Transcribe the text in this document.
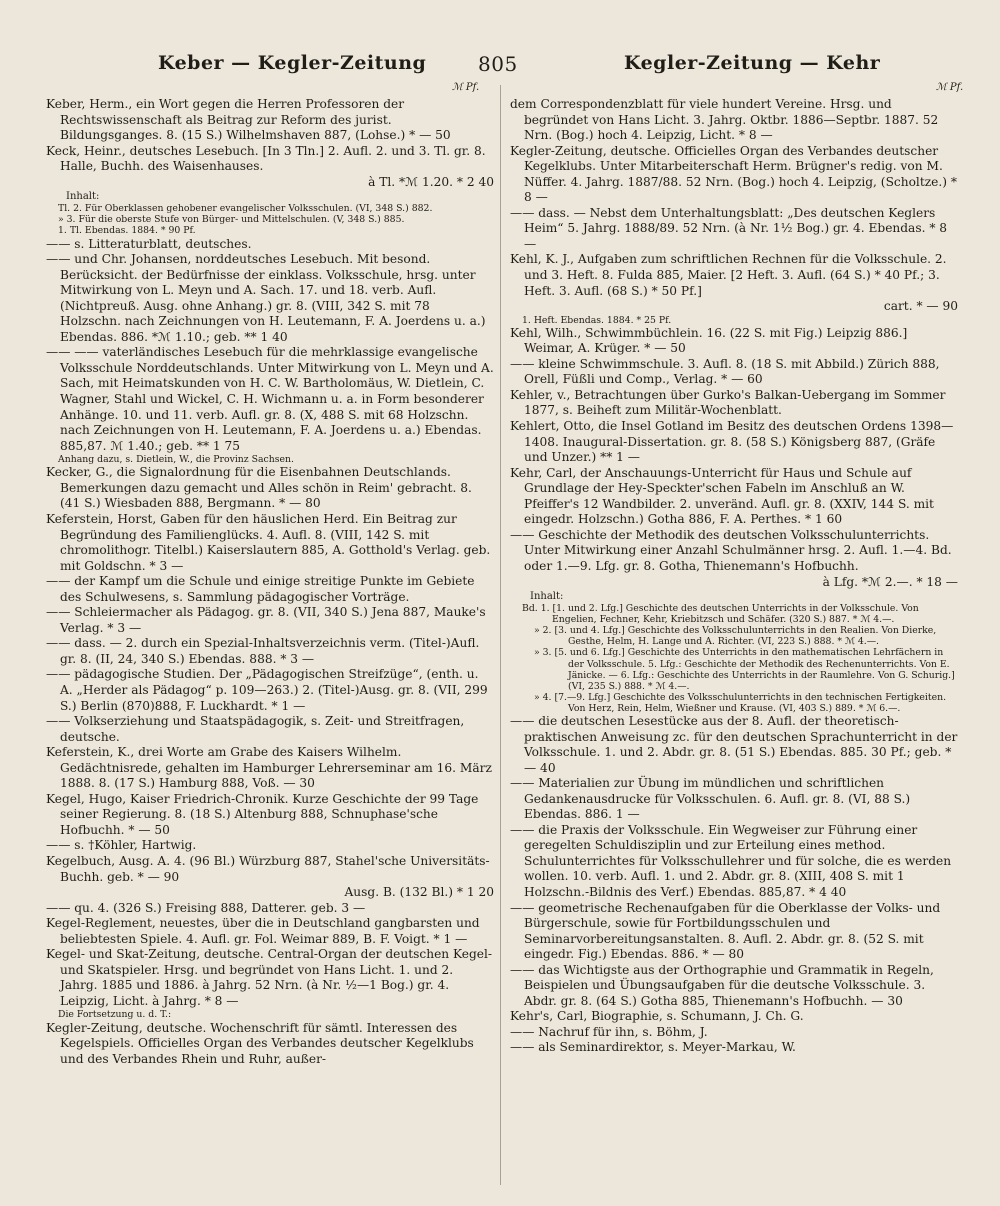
Keber — Kegler-Zeitung	805	Kegler-Zeitung — Kehr
ℳ Pf.	ℳ Pf.

Keber, Herm., ein Wort gegen die Herren Professoren der Rechtswissenschaft als Beitrag zur Reform des jurist. Bildungsganges. 8. (15 S.) Wilhelmshaven 887, (Lohse.) * — 50

Keck, Heinr., deutsches Lesebuch. [In 3 Tln.] 2. Aufl. 2. und 3. Tl. gr. 8. Halle, Buchh. des Waisenhauses.

à Tl. *ℳ 1.20. * 2 40

Inhalt:

Tl. 2. Für Oberklassen gehobener evangelischer Volksschulen. (VI, 348 S.) 882.

» 3. Für die oberste Stufe von Bürger- und Mittelschulen. (V, 348 S.) 885.

1. Tl. Ebendas. 1884. * 90 Pf.

—— s. Litteraturblatt, deutsches.

—— und Chr. Johansen, norddeutsches Lesebuch. Mit besond. Berücksicht. der Bedürfnisse der einklass. Volksschule, hrsg. unter Mitwirkung von L. Meyn und A. Sach. 17. und 18. verb. Aufl. (Nichtpreuß. Ausg. ohne Anhang.) gr. 8. (VIII, 342 S. mit 78 Holzschn. nach Zeichnungen von H. Leutemann, F. A. Joerdens u. a.) Ebendas. 886. *ℳ 1.10.; geb. ** 1 40

—— —— vaterländisches Lesebuch für die mehrklassige evangelische Volksschule Norddeutschlands. Unter Mitwirkung von L. Meyn und A. Sach, mit Heimatskunden von H. C. W. Bartholomäus, W. Dietlein, C. Wagner, Stahl und Wickel, C. H. Wichmann u. a. in Form besonderer Anhänge. 10. und 11. verb. Aufl. gr. 8. (X, 488 S. mit 68 Holzschn. nach Zeichnungen von H. Leutemann, F. A. Joerdens u. a.) Ebendas. 885,87. ℳ 1.40.; geb. ** 1 75

Anhang dazu, s. Dietlein, W., die Provinz Sachsen.

Kecker, G., die Signalordnung für die Eisenbahnen Deutschlands. Bemerkungen dazu gemacht und Alles schön in Reim' gebracht. 8. (41 S.) Wiesbaden 888, Bergmann. * — 80

Keferstein, Horst, Gaben für den häuslichen Herd. Ein Beitrag zur Begründung des Familienglücks. 4. Aufl. 8. (VIII, 142 S. mit chromolithogr. Titelbl.) Kaiserslautern 885, A. Gotthold's Verlag. geb. mit Goldschn. * 3 —

—— der Kampf um die Schule und einige streitige Punkte im Gebiete des Schulwesens, s. Sammlung pädagogischer Vorträge.

—— Schleiermacher als Pädagog. gr. 8. (VII, 340 S.) Jena 887, Mauke's Verlag. * 3 —

—— dass. — 2. durch ein Spezial-Inhaltsverzeichnis verm. (Titel-)Aufl. gr. 8. (II, 24, 340 S.) Ebendas. 888. * 3 —

—— pädagogische Studien. Der „Pädagogischen Streifzüge“, (enth. u. A. „Herder als Pädagog“ p. 109—263.) 2. (Titel-)Ausg. gr. 8. (VII, 299 S.) Berlin (870)888, F. Luckhardt. * 1 —

—— Volkserziehung und Staatspädagogik, s. Zeit- und Streitfragen, deutsche.

Keferstein, K., drei Worte am Grabe des Kaisers Wilhelm. Gedächtnisrede, gehalten im Hamburger Lehrerseminar am 16. März 1888. 8. (17 S.) Hamburg 888, Voß. — 30

Kegel, Hugo, Kaiser Friedrich-Chronik. Kurze Geschichte der 99 Tage seiner Regierung. 8. (18 S.) Altenburg 888, Schnuphase'sche Hofbuchh. * — 50

—— s. †Köhler, Hartwig.

Kegelbuch, Ausg. A. 4. (96 Bl.) Würzburg 887, Stahel'sche Universitäts-Buchh. geb. * — 90

Ausg. B. (132 Bl.) * 1 20

—— qu. 4. (326 S.) Freising 888, Datterer. geb. 3 —

Kegel-Reglement, neuestes, über die in Deutschland gangbarsten und beliebtesten Spiele. 4. Aufl. gr. Fol. Weimar 889, B. F. Voigt. * 1 —

Kegel- und Skat-Zeitung, deutsche. Central-Organ der deutschen Kegel- und Skatspieler. Hrsg. und begründet von Hans Licht. 1. und 2. Jahrg. 1885 und 1886. à Jahrg. 52 Nrn. (à Nr. ½—1 Bog.) gr. 4. Leipzig, Licht. à Jahrg. * 8 —

Die Fortsetzung u. d. T.:

Kegler-Zeitung, deutsche. Wochenschrift für sämtl. Interessen des Kegelspiels. Officielles Organ des Verbandes deutscher Kegelklubs und des Verbandes Rhein und Ruhr, außer-

dem Correspondenzblatt für viele hundert Vereine. Hrsg. und begründet von Hans Licht. 3. Jahrg. Oktbr. 1886—Septbr. 1887. 52 Nrn. (Bog.) hoch 4. Leipzig, Licht. * 8 —

Kegler-Zeitung, deutsche. Officielles Organ des Verbandes deutscher Kegelklubs. Unter Mitarbeiterschaft Herm. Brügner's redig. von M. Nüffer. 4. Jahrg. 1887/88. 52 Nrn. (Bog.) hoch 4. Leipzig, (Scholtze.) * 8 —

—— dass. — Nebst dem Unterhaltungsblatt: „Des deutschen Keglers Heim“ 5. Jahrg. 1888/89. 52 Nrn. (à Nr. 1½ Bog.) gr. 4. Ebendas. * 8 —

Kehl, K. J., Aufgaben zum schriftlichen Rechnen für die Volksschule. 2. und 3. Heft. 8. Fulda 885, Maier. [2 Heft. 3. Aufl. (64 S.) * 40 Pf.; 3. Heft. 3. Aufl. (68 S.) * 50 Pf.]

cart. * — 90

1. Heft. Ebendas. 1884. * 25 Pf.

Kehl, Wilh., Schwimmbüchlein. 16. (22 S. mit Fig.) Leipzig 886.] Weimar, A. Krüger. * — 50

—— kleine Schwimmschule. 3. Aufl. 8. (18 S. mit Abbild.) Zürich 888, Orell, Füßli und Comp., Verlag. * — 60

Kehler, v., Betrachtungen über Gurko's Balkan-Uebergang im Sommer 1877, s. Beiheft zum Militär-Wochenblatt.

Kehlert, Otto, die Insel Gotland im Besitz des deutschen Ordens 1398—1408. Inaugural-Dissertation. gr. 8. (58 S.) Königsberg 887, (Gräfe und Unzer.) ** 1 —

Kehr, Carl, der Anschauungs-Unterricht für Haus und Schule auf Grundlage der Hey-Speckter'schen Fabeln im Anschluß an W. Pfeiffer's 12 Wandbilder. 2. unveränd. Aufl. gr. 8. (XXIV, 144 S. mit eingedr. Holzschn.) Gotha 886, F. A. Perthes. * 1 60

—— Geschichte der Methodik des deutschen Volksschulunterrichts. Unter Mitwirkung einer Anzahl Schulmänner hrsg. 2. Aufl. 1.—4. Bd. oder 1.—9. Lfg. gr. 8. Gotha, Thienemann's Hofbuchh.

à Lfg. *ℳ 2.—. * 18 —

Inhalt:

Bd. 1. [1. und 2. Lfg.] Geschichte des deutschen Unterrichts in der Volksschule. Von Engelien, Fechner, Kehr, Kriebitzsch und Schäfer. (320 S.) 887. * ℳ 4.—.

» 2. [3. und 4. Lfg.] Geschichte des Volksschulunterrichts in den Realien. Von Dierke, Gesthe, Helm, H. Lange und A. Richter. (VI, 223 S.) 888. * ℳ 4.—.

» 3. [5. und 6. Lfg.] Geschichte des Unterrichts in den mathematischen Lehrfächern in der Volksschule. 5. Lfg.: Geschichte der Methodik des Rechenunterrichts. Von E. Jänicke. — 6. Lfg.: Geschichte des Unterrichts in der Raumlehre. Von G. Schurig.] (VI, 235 S.) 888. * ℳ 4.—.

» 4. [7.—9. Lfg.] Geschichte des Volksschulunterrichts in den technischen Fertigkeiten. Von Herz, Rein, Helm, Wießner und Krause. (VI, 403 S.) 889. * ℳ 6.—.

—— die deutschen Lesestücke aus der 8. Aufl. der theoretisch-praktischen Anweisung zc. für den deutschen Sprachunterricht in der Volksschule. 1. und 2. Abdr. gr. 8. (51 S.) Ebendas. 885. 30 Pf.; geb. * — 40

—— Materialien zur Übung im mündlichen und schriftlichen Gedankenausdrucke für Volksschulen. 6. Aufl. gr. 8. (VI, 88 S.) Ebendas. 886. 1 —

—— die Praxis der Volksschule. Ein Wegweiser zur Führung einer geregelten Schuldisziplin und zur Erteilung eines method. Schulunterrichtes für Volksschullehrer und für solche, die es werden wollen. 10. verb. Aufl. 1. und 2. Abdr. gr. 8. (XIII, 408 S. mit 1 Holzschn.-Bildnis des Verf.) Ebendas. 885,87. * 4 40

—— geometrische Rechenaufgaben für die Oberklasse der Volks- und Bürgerschule, sowie für Fortbildungsschulen und Seminarvorbereitungsanstalten. 8. Aufl. 2. Abdr. gr. 8. (52 S. mit eingedr. Fig.) Ebendas. 886. * — 80

—— das Wichtigste aus der Orthographie und Grammatik in Regeln, Beispielen und Übungsaufgaben für die deutsche Volksschule. 3. Abdr. gr. 8. (64 S.) Gotha 885, Thienemann's Hofbuchh. — 30

Kehr's, Carl, Biographie, s. Schumann, J. Ch. G.

—— Nachruf für ihn, s. Böhm, J.

—— als Seminardirektor, s. Meyer-Markau, W.
